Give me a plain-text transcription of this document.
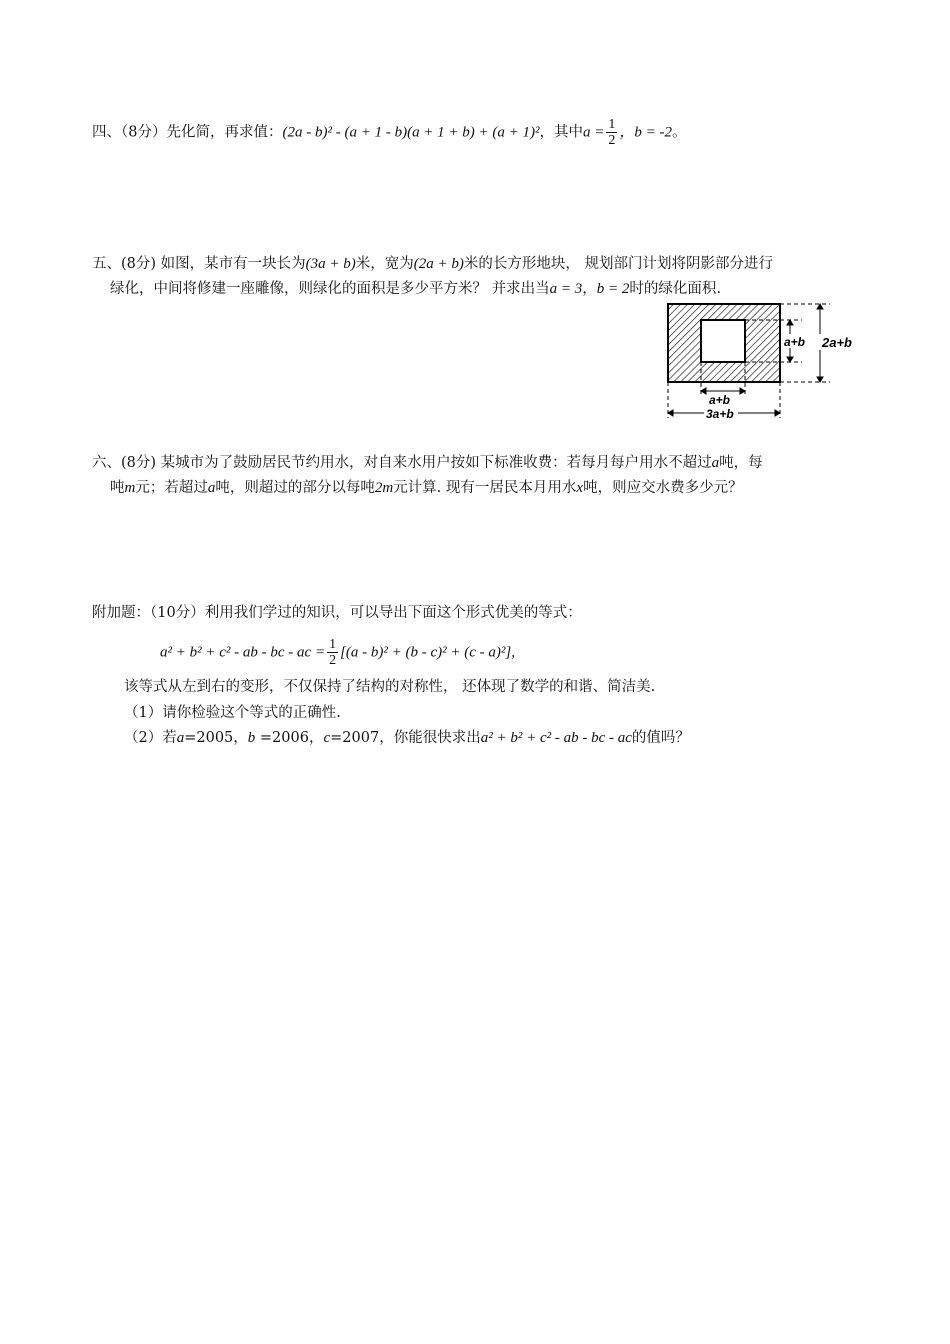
四、（8分）先化简，再求值：(2a - b)² - (a + 1 - b)(a + 1 + b) + (a + 1)²，其中$a = \frac{1}{2}$ ，b = -2。
五、(8分) 如图，某市有一块长为(3a + b)米，宽为(2a + b)米的长方形地块， 规划部门计划将阴影部分进行
绿化，中间将修建一座雕像，则绿化的面积是多少平方米？ 并求出当a = 3，b = 2时的绿化面积.
a+b 2a+b
a+b
3a+b
六、(8分) 某城市为了鼓励居民节约用水，对自来水用户按如下标准收费：若每月每户用水不超过a吨，每
吨m元；若超过a吨，则超过的部分以每吨2m元计算. 现有一居民本月用水x吨，则应交水费多少元？
附加题：（10分）利用我们学过的知识，可以导出下面这个形式优美的等式：
a² + b² + c² - ab - bc - ac = $\frac{1}{2} [(a - b)^2 + (b - c)^2 + (c - a)^2]$,
该等式从左到右的变形，不仅保持了结构的对称性， 还体现了数学的和谐、简洁美.
（1）请你检验这个等式的正确性.
（2）若a=2005，b =2006，c=2007，你能很快求出a² + b² + c² - ab - bc - ac的值吗？
